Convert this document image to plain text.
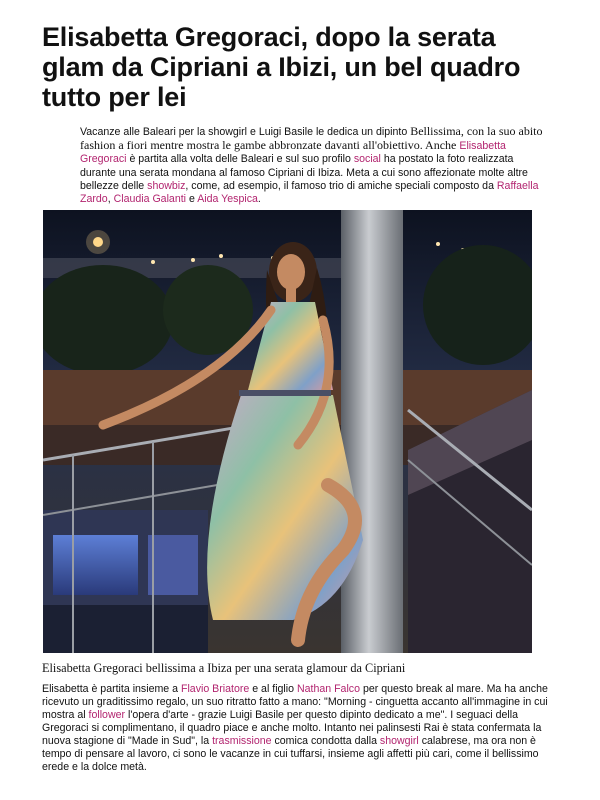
Elisabetta Gregoraci, dopo la serata glam da Cipriani a Ibizi, un bel quadro tutto per lei
Vacanze alle Baleari per la showgirl e Luigi Basile le dedica un dipinto Bellissima, con la suo abito fashion a fiori mentre mostra le gambe abbronzate davanti all'obiettivo. Anche Elisabetta Gregoraci è partita alla volta delle Baleari e sul suo profilo social ha postato la foto realizzata durante una serata mondana al famoso Cipriani di Ibiza. Meta a cui sono affezionate molte altre bellezze delle showbiz, come, ad esempio, il famoso trio di amiche speciali composto da Raffaella Zardo, Claudia Galanti e Aida Yespica.
Elisabetta Gregoraci bellissima a Ibiza per una serata glamour da Cipriani
Elisabetta è partita insieme a Flavio Briatore e al figlio Nathan Falco per questo break al mare. Ma ha anche ricevuto un graditissimo regalo, un suo ritratto fatto a mano: "Morning - cinguetta accanto all'immagine in cui mostra al follower l'opera d'arte - grazie Luigi Basile per questo dipinto dedicato a me". I seguaci della Gregoraci si complimentano, il quadro piace e anche molto. Intanto nei palinsesti Rai è stata confermata la nuova stagione di "Made in Sud", la trasmissione comica condotta dalla showgirl calabrese, ma ora non è tempo di pensare al lavoro, ci sono le vacanze in cui tuffarsi, insieme agli affetti più cari, come il bellissimo erede e la dolce metà.
